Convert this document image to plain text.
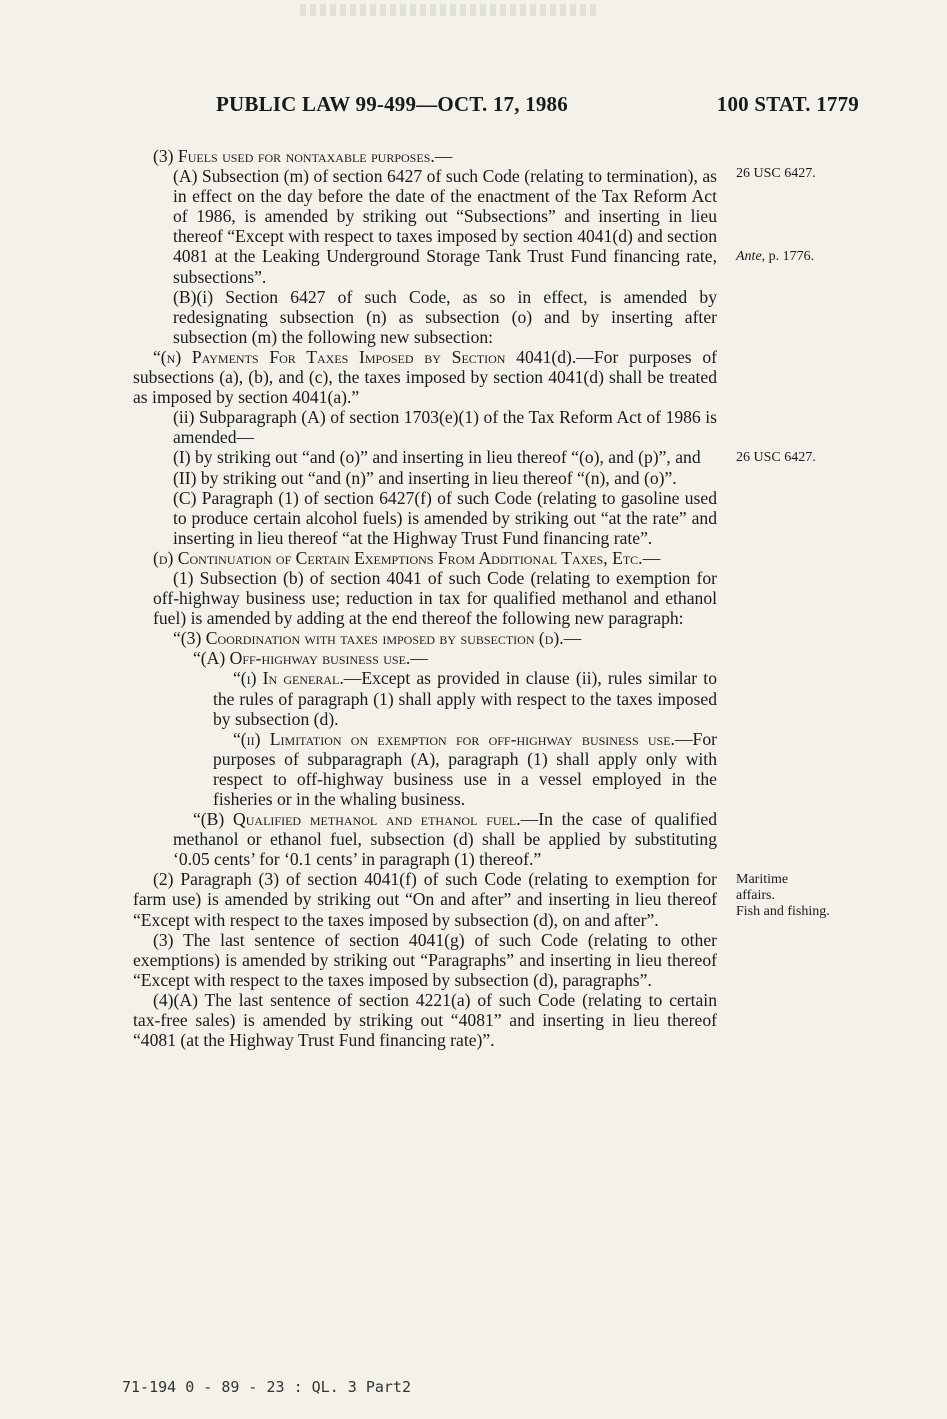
PUBLIC LAW 99-499—OCT. 17, 1986	100 STAT. 1779

(3) Fuels used for nontaxable purposes.—

(A) Subsection (m) of section 6427 of such Code (relating to termination), as in effect on the day before the date of the enactment of the Tax Reform Act of 1986, is amended by striking out “Subsections” and inserting in lieu thereof “Except with respect to taxes imposed by section 4041(d) and section 4081 at the Leaking Underground Storage Tank Trust Fund financing rate, subsections”.

(B)(i) Section 6427 of such Code, as so in effect, is amended by redesignating subsection (n) as subsection (o) and by inserting after subsection (m) the following new subsection:

“(n) Payments For Taxes Imposed by Section 4041(d).—For purposes of subsections (a), (b), and (c), the taxes imposed by section 4041(d) shall be treated as imposed by section 4041(a).”

(ii) Subparagraph (A) of section 1703(e)(1) of the Tax Reform Act of 1986 is amended—

(I) by striking out “and (o)” and inserting in lieu thereof “(o), and (p)”, and

(II) by striking out “and (n)” and inserting in lieu thereof “(n), and (o)”.

(C) Paragraph (1) of section 6427(f) of such Code (relating to gasoline used to produce certain alcohol fuels) is amended by striking out “at the rate” and inserting in lieu thereof “at the Highway Trust Fund financing rate”.

(d) Continuation of Certain Exemptions From Additional Taxes, Etc.—

(1) Subsection (b) of section 4041 of such Code (relating to exemption for off-highway business use; reduction in tax for qualified methanol and ethanol fuel) is amended by adding at the end thereof the following new paragraph:

“(3) Coordination with taxes imposed by subsection (d).—

“(A) Off-highway business use.—

“(i) In general.—Except as provided in clause (ii), rules similar to the rules of paragraph (1) shall apply with respect to the taxes imposed by subsection (d).

“(ii) Limitation on exemption for off-highway business use.—For purposes of subparagraph (A), paragraph (1) shall apply only with respect to off-highway business use in a vessel employed in the fisheries or in the whaling business.

“(B) Qualified methanol and ethanol fuel.—In the case of qualified methanol or ethanol fuel, subsection (d) shall be applied by substituting ‘0.05 cents’ for ‘0.1 cents’ in paragraph (1) thereof.”

(2) Paragraph (3) of section 4041(f) of such Code (relating to exemption for farm use) is amended by striking out “On and after” and inserting in lieu thereof “Except with respect to the taxes imposed by subsection (d), on and after”.

(3) The last sentence of section 4041(g) of such Code (relating to other exemptions) is amended by striking out “Paragraphs” and inserting in lieu thereof “Except with respect to the taxes imposed by subsection (d), paragraphs”.

(4)(A) The last sentence of section 4221(a) of such Code (relating to certain tax-free sales) is amended by striking out “4081” and inserting in lieu thereof “4081 (at the Highway Trust Fund financing rate)”.

26 USC 6427.
Ante, p. 1776.
26 USC 6427.
Maritime
affairs.
Fish and fishing.
71-194 0 - 89 - 23 : QL. 3 Part2
